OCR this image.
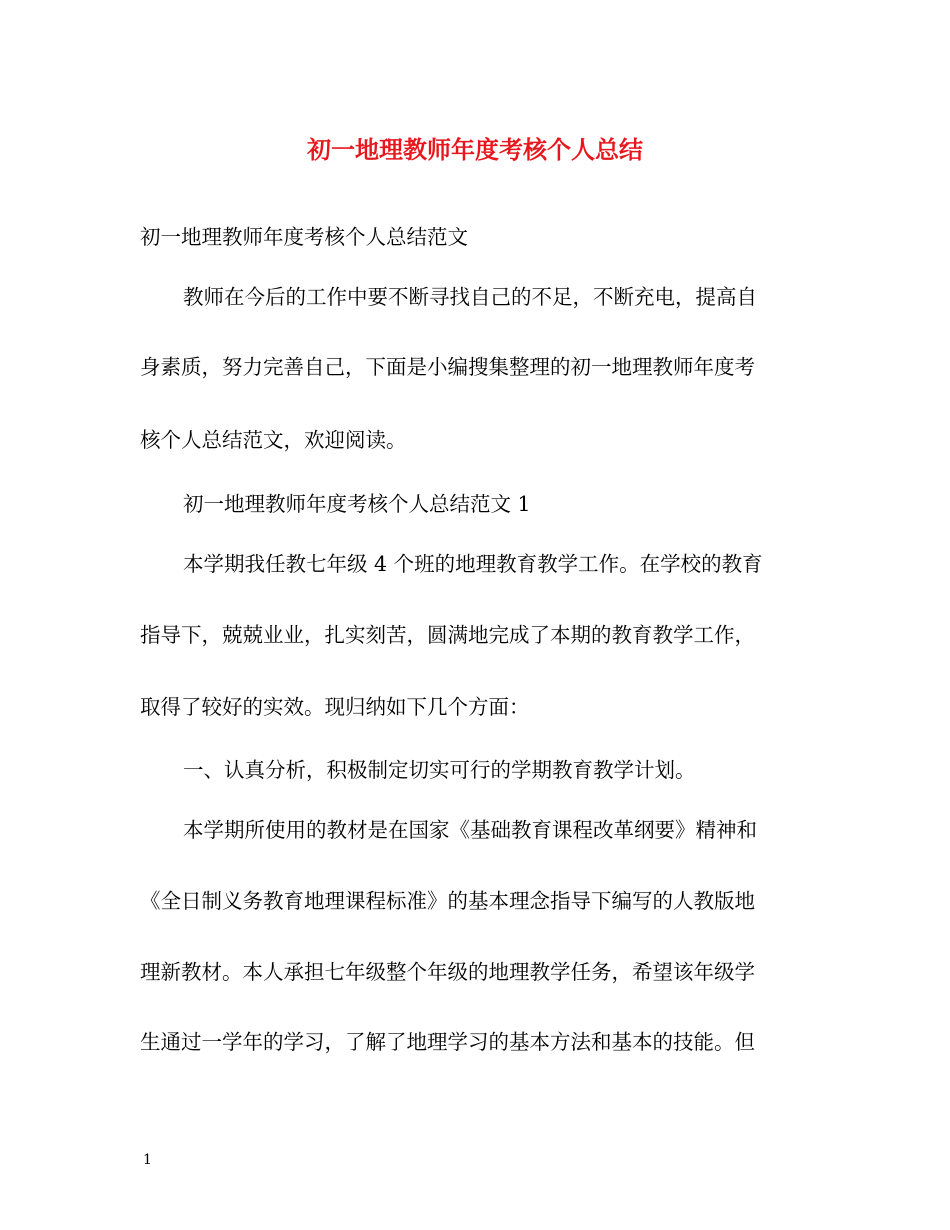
初一地理教师年度考核个人总结

初一地理教师年度考核个人总结范文

教师在今后的工作中要不断寻找自己的不足，不断充电，提高自

身素质，努力完善自己，下面是小编搜集整理的初一地理教师年度考

核个人总结范文，欢迎阅读。

初一地理教师年度考核个人总结范文 1

本学期我任教七年级 4 个班的地理教育教学工作。在学校的教育

指导下，兢兢业业，扎实刻苦，圆满地完成了本期的教育教学工作，

取得了较好的实效。现归纳如下几个方面：

一、认真分析，积极制定切实可行的学期教育教学计划。

本学期所使用的教材是在国家《基础教育课程改革纲要》精神和

《全日制义务教育地理课程标准》的基本理念指导下编写的人教版地

理新教材。本人承担七年级整个年级的地理教学任务，希望该年级学

生通过一学年的学习，了解了地理学习的基本方法和基本的技能。但

1
